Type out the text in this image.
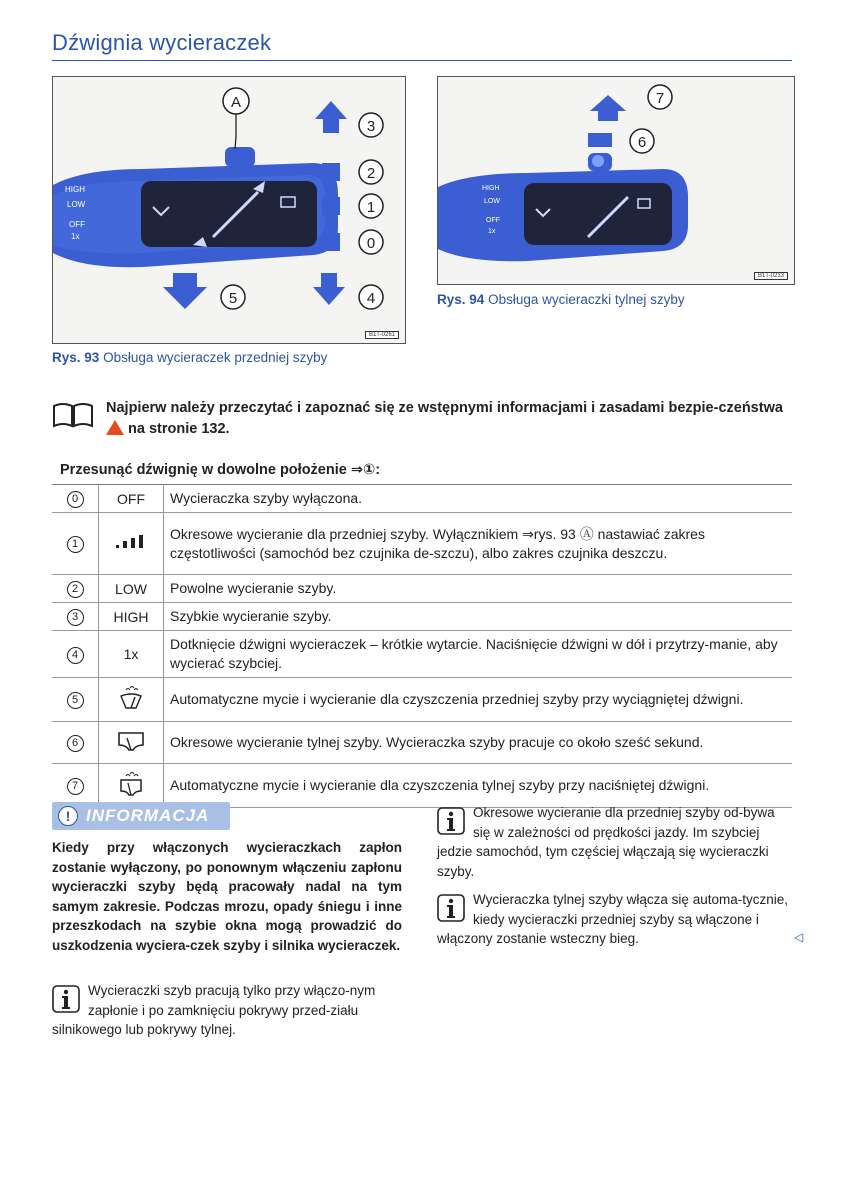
Dźwignia wycieraczek
A
HIGH
LOW
OFF
1x
3
2
1
0
5	4
B1T-0261
Rys. 93 Obsługa wycieraczek przedniej szyby
HIGH
LOW
OFF
1x
7
6
B1T-0233
Rys. 94 Obsługa wycieraczki tylnej szyby
Najpierw należy przeczytać i zapoznać się ze wstępnymi informacjami i zasadami bezpie-czeństwa  na stronie 132.
Przesunąć dźwignię w dowolne położenie ⇒①:
0	OFF	Wycieraczka szyby wyłączona.
1		Okresowe wycieranie dla przedniej szyby. Wyłącznikiem ⇒rys. 93 Ⓐ nastawiać zakres częstotliwości (samochód bez czujnika de-szczu), albo zakres czujnika deszczu.
2	LOW	Powolne wycieranie szyby.
3	HIGH	Szybkie wycieranie szyby.
4	1x	Dotknięcie dźwigni wycieraczek – krótkie wytarcie. Naciśnięcie dźwigni w dół i przytrzy-manie, aby wycierać szybciej.
5		Automatyczne mycie i wycieranie dla czyszczenia przedniej szyby przy wyciągniętej dźwigni.
6		Okresowe wycieranie tylnej szyby. Wycieraczka szyby pracuje co około sześć sekund.
7		Automatyczne mycie i wycieranie dla czyszczenia tylnej szyby przy naciśniętej dźwigni.
! INFORMACJA
Kiedy przy włączonych wycieraczkach zapłon zostanie wyłączony, po ponownym włączeniu zapłonu wycieraczki szyby będą pracowały nadal na tym samym zakresie. Podczas mrozu, opady śniegu i inne przeszkodach na szybie okna mogą prowadzić do uszkodzenia wyciera-czek szyby i silnika wycieraczek.
Wycieraczki szyb pracują tylko przy włączo-nym zapłonie i po zamknięciu pokrywy przed-ziału silnikowego lub pokrywy tylnej.
Okresowe wycieranie dla przedniej szyby od-bywa się w zależności od prędkości jazdy. Im szybciej jedzie samochód, tym częściej włączają się wycieraczki szyby.
Wycieraczka tylnej szyby włącza się automa-tycznie, kiedy wycieraczki przedniej szyby są włączone i włączony zostanie wsteczny bieg.	◁
